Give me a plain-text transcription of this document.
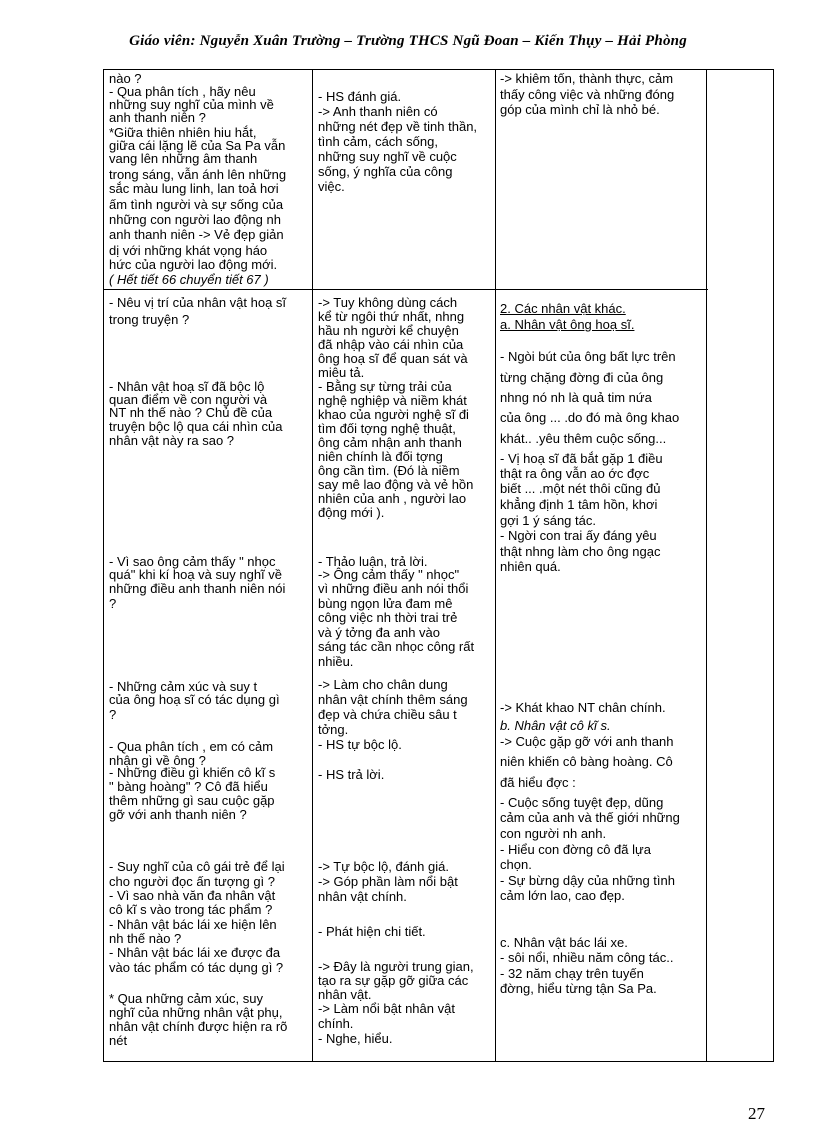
Giáo viên: Nguyễn Xuân Trường – Trường THCS Ngũ Đoan – Kiến Thụy – Hải Phòng
nào ?
- Qua phân tích , hãy nêu
những suy nghĩ của mình về
anh thanh niên ?
*Giữa thiên nhiên hiu hắt,
giữa cái lặng lẽ của Sa Pa vẫn
vang lên những âm thanh
trong sáng, vẫn ánh lên những
sắc màu lung linh, lan toả hơi
ấm tình người và sự sống của
những con người lao động nh
anh thanh niên -> Vẻ đẹp giản
dị với những khát vọng háo
hức của người lao động mới.
( Hết tiết 66 chuyển tiết 67 )
- Nêu vị trí của nhân vật hoạ sĩ
trong truyện ?
- Nhân vật hoạ sĩ đã bộc lộ
quan điểm về con người và
NT nh thế nào ? Chủ đề của
truyện bộc lộ qua cái nhìn của
nhân vật này ra sao ?
- Vì sao ông cảm thấy " nhọc
quá" khi kí hoạ và suy nghĩ về
những điều anh thanh niên nói
?
- Những cảm xúc và suy t
của ông hoạ sĩ có tác dụng gì
?
- Qua phân tích , em có cảm
nhận gì về ông ?
- Những điều gì khiến cô kĩ s
" bàng hoàng" ? Cô đã hiểu
thêm những gì sau cuộc gặp
gỡ với anh thanh niên ?
- Suy nghĩ của cô gái trẻ để lại
cho người đọc ấn tượng gì ?
- Vì sao nhà văn đa nhân vật
cô kĩ s vào trong tác phẩm ?
- Nhân vật bác lái xe hiện lên
nh thế nào ?
- Nhân vật bác lái xe được đa
vào tác phẩm có tác dụng gì ?
* Qua những cảm xúc, suy
nghĩ của những nhân vật phụ,
nhân vật chính được hiện ra rõ
nét
- HS đánh giá.
-> Anh thanh niên có
những nét đẹp về tinh thần,
tình cảm, cách sống,
những suy nghĩ về cuộc
sống, ý nghĩa của công
việc.
-> Tuy không dùng cách
kể từ ngôi thứ nhất, nhng
hầu nh người kể chuyện
đã nhập vào cái nhìn của
ông hoạ sĩ để quan sát và
miêu tả.
- Bằng sự từng trải của
nghệ nghiệp và niềm khát
khao của người nghệ sĩ đi
tìm đối tợng nghệ thuật,
ông cảm nhận anh thanh
niên chính là đối tợng
ông cần tìm. (Đó là niềm
say mê lao động và vẻ hồn
nhiên của anh , người lao
động mới ).
- Thảo luận, trả lời.
-> Ông cảm thấy " nhọc"
vì những điều anh nói thổi
bùng ngọn lửa đam mê
công việc nh thời trai trẻ
và ý tởng đa anh vào
sáng tác cần nhọc công rất
nhiều.
-> Làm cho chân dung
nhân vật chính thêm sáng
đẹp và chứa chiều sâu t
tởng.
- HS tự bộc lộ.
- HS trả lời.
-> Tự bộc lộ, đánh giá.
-> Góp phần làm nổi bật
nhân vật chính.
- Phát hiện chi tiết.
-> Đây là người trung gian,
tạo ra sự gặp gỡ giữa các
nhân vật.
-> Làm nổi bật nhân vật
chính.
- Nghe, hiểu.
-> khiêm tốn, thành thực, cảm
thấy công việc và những đóng
góp của mình chỉ là nhỏ bé.
2. Các nhân vật khác.
a. Nhân vật ông hoạ sĩ.
- Ngòi bút của ông bất lực trên
từng chặng đờng đi của ông
nhng nó nh là quả tim nứa
của ông ... .do đó mà ông khao
khát.. .yêu thêm cuộc sống...
- Vị hoạ sĩ đã bắt gặp 1 điều
thật ra ông vẫn ao ớc đợc
biết ... .một nét thôi cũng đủ
khẳng định 1 tâm hồn, khơi
gợi 1 ý sáng tác.
- Ngời con trai ấy đáng yêu
thật nhng làm cho ông ngạc
nhiên quá.
-> Khát khao NT chân chính.
b. Nhân vật cô kĩ s.
-> Cuộc gặp gỡ với anh thanh
niên khiến cô bàng hoàng. Cô
đã hiểu đợc :
- Cuộc sống tuyệt đẹp, dũng
cảm của anh và thế giới những
con người nh anh.
- Hiểu con đờng cô đã lựa
chọn.
- Sự bừng dậy của những tình
cảm lớn lao, cao đẹp.
c. Nhân vật bác lái xe.
- sôi nổi, nhiều năm công tác..
- 32 năm chạy trên tuyến
đờng, hiểu từng tận Sa Pa.
27
